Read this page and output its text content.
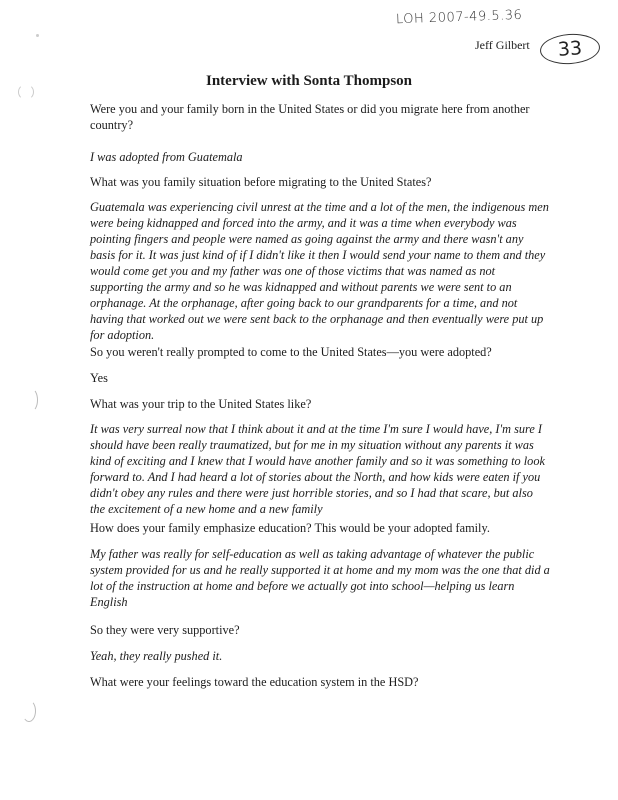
LOH 2007-49.5.36
Jeff Gilbert	33
Interview with Sonta Thompson
Were you and your family born in the United States or did you migrate here from another country?
I was adopted from Guatemala
What was you family situation before migrating to the United States?
Guatemala was experiencing civil unrest at the time and a lot of the men, the indigenous men were being kidnapped and forced into the army, and it was a time when everybody was pointing fingers and people were named as going against the army and there wasn't any basis for it. It was just kind of if I didn't like it then I would send your name to them and they would come get you and my father was one of those victims that was named as not supporting the army and so he was kidnapped and without parents we were sent to an orphanage. At the orphanage, after going back to our grandparents for a time, and not having that worked out we were sent back to the orphanage and then eventually were put up for adoption.
So you weren't really prompted to come to the United States—you were adopted?
Yes
What was your trip to the United States like?
It was very surreal now that I think about it and at the time I'm sure I would have, I'm sure I should have been really traumatized, but for me in my situation without any parents it was kind of exciting and I knew that I would have another family and so it was something to look forward to. And I had heard a lot of stories about the North, and how kids were eaten if you didn't obey any rules and there were just horrible stories, and so I had that scare, but also the excitement of a new home and a new family
How does your family emphasize education? This would be your adopted family.
My father was really for self-education as well as taking advantage of whatever the public system provided for us and he really supported it at home and my mom was the one that did a lot of the instruction at home and before we actually got into school—helping us learn English
So they were very supportive?
Yeah, they really pushed it.
What were your feelings toward the education system in the HSD?
